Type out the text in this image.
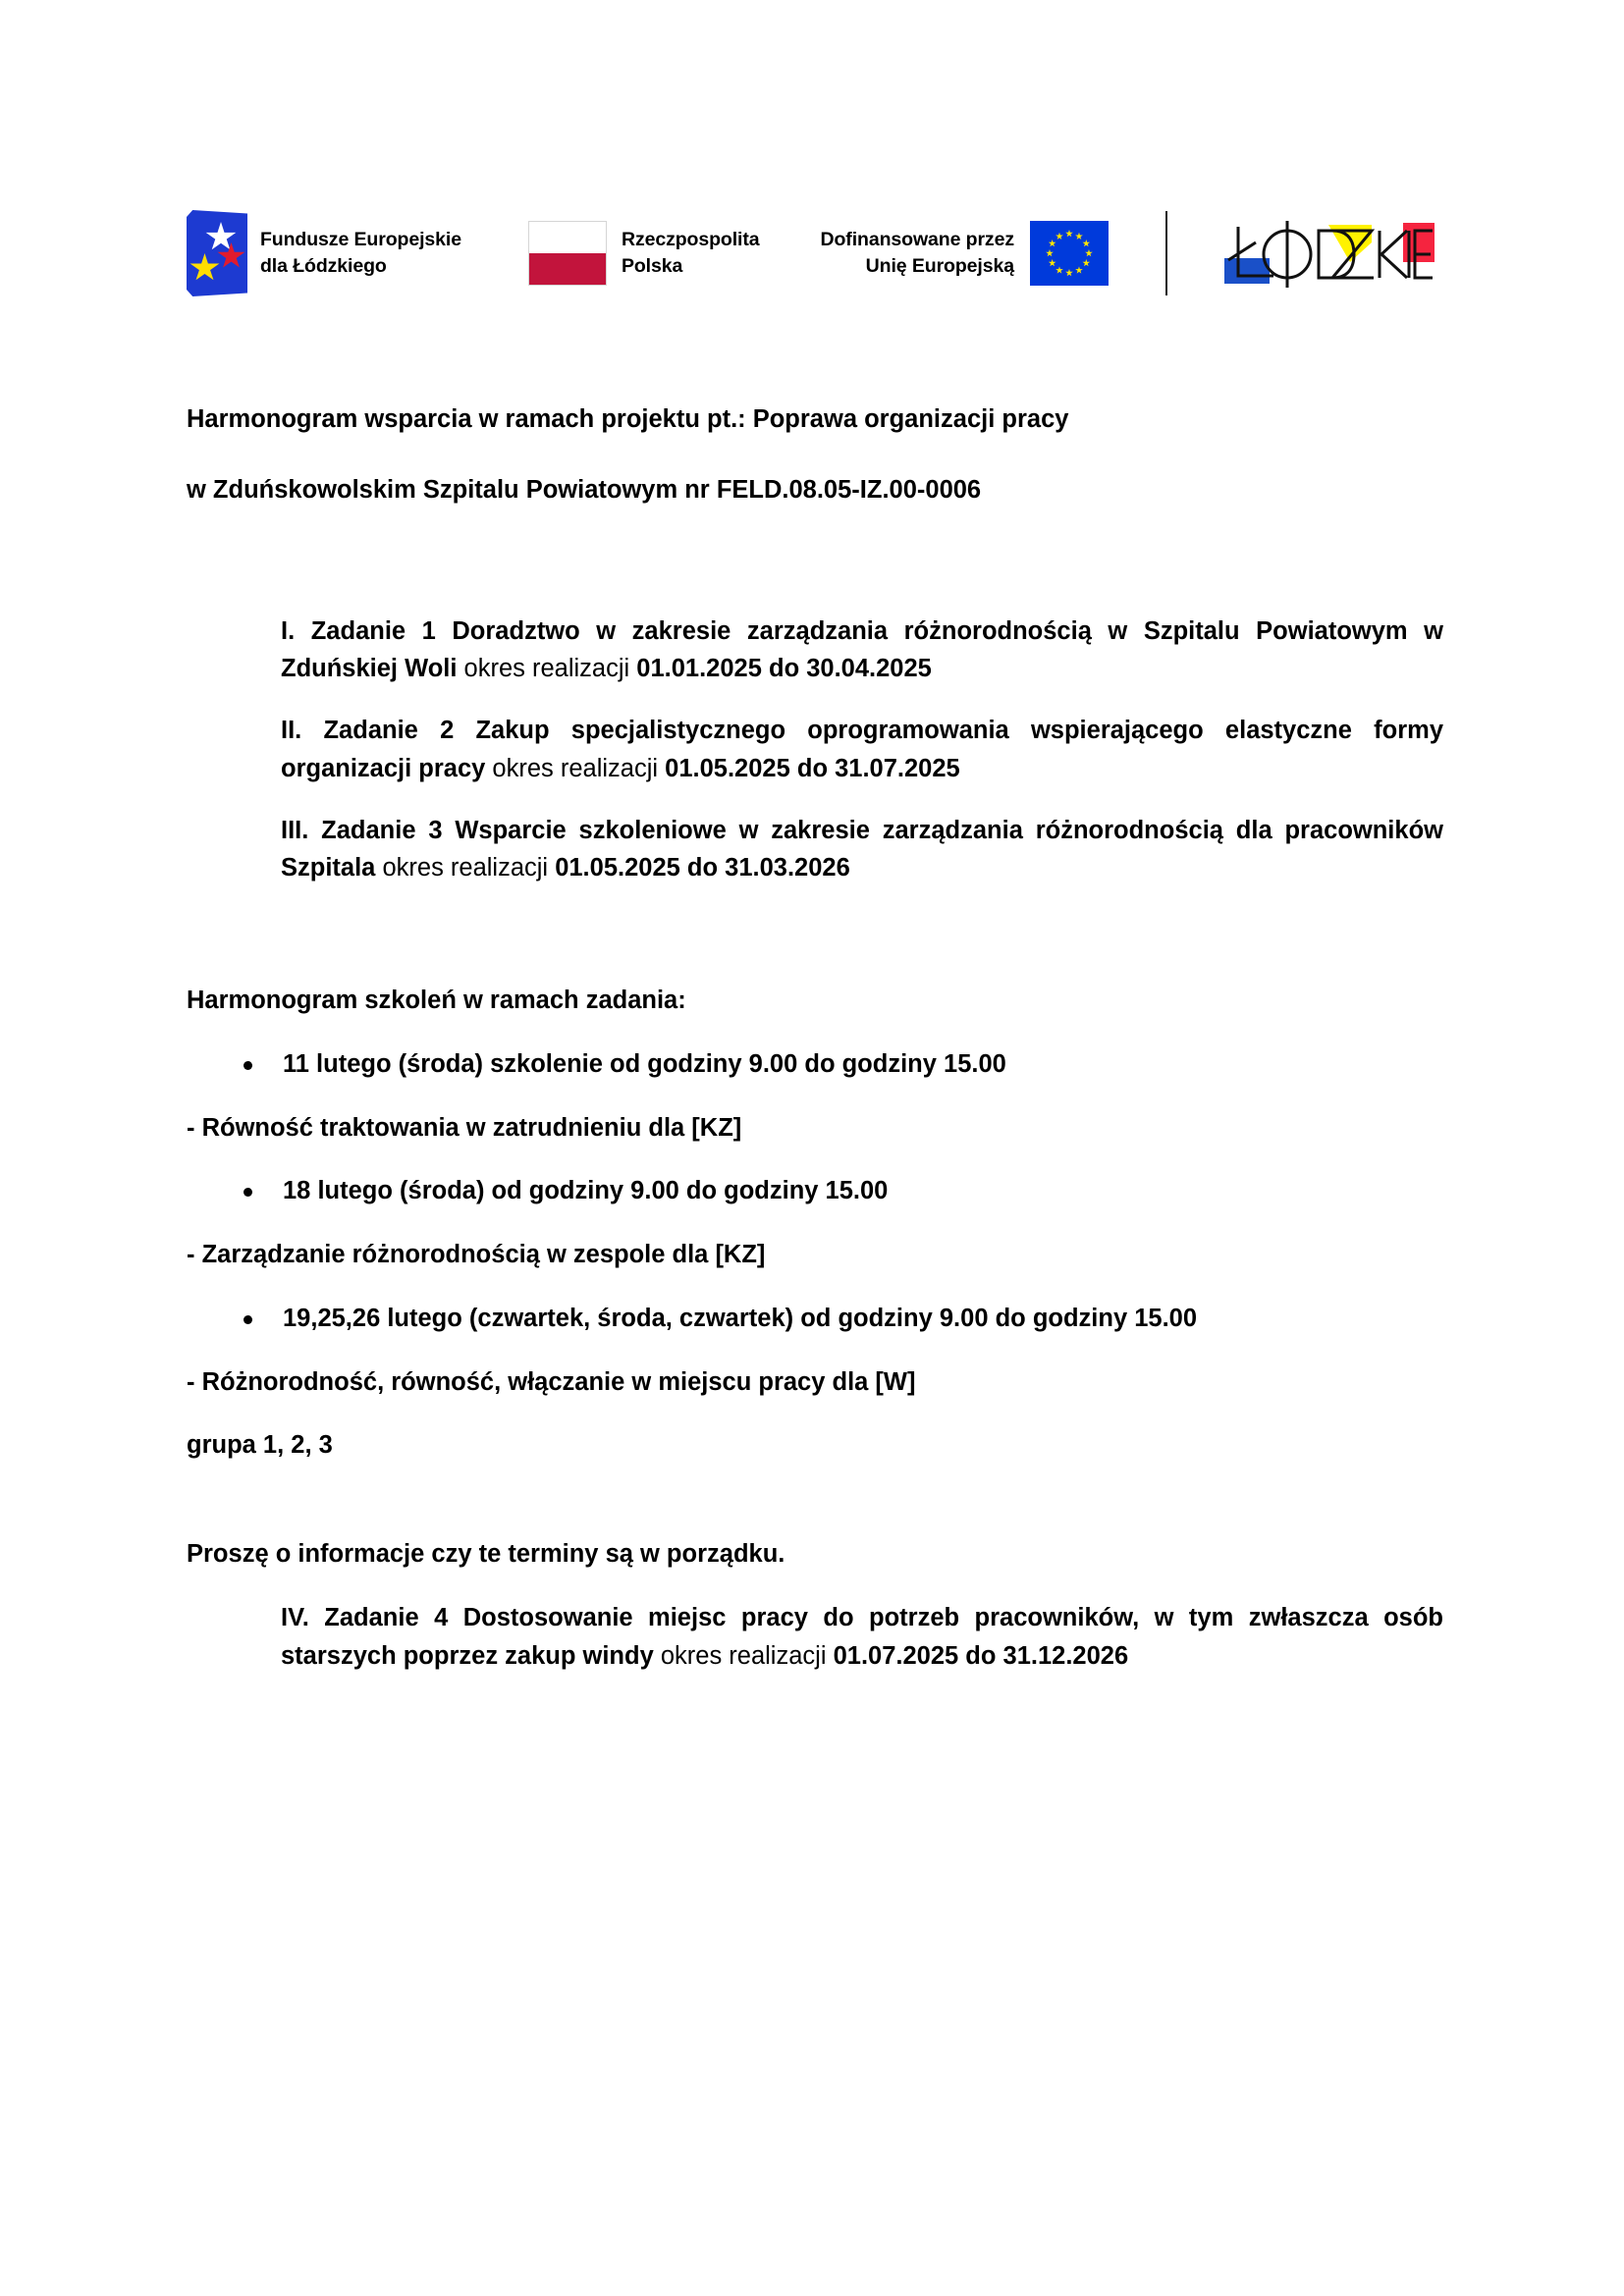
Fundusze Europejskie
dla Łódzkiego
Rzeczpospolita
Polska
Dofinansowane przez
Unię Europejską

Harmonogram wsparcia w ramach projektu pt.: Poprawa organizacji pracy

w Zduńskowolskim Szpitalu Powiatowym nr FELD.08.05-IZ.00-0006

I. Zadanie 1 Doradztwo w zakresie zarządzania różnorodnością w Szpitalu Powiatowym w Zduńskiej Woli okres realizacji 01.01.2025 do 30.04.2025

II. Zadanie 2 Zakup specjalistycznego oprogramowania wspierającego elastyczne formy organizacji pracy okres realizacji 01.05.2025 do 31.07.2025

III. Zadanie 3 Wsparcie szkoleniowe w zakresie zarządzania różnorodnością dla pracowników Szpitala okres realizacji 01.05.2025 do 31.03.2026

Harmonogram szkoleń w ramach zadania:

11 lutego (środa) szkolenie od godziny 9.00 do godziny 15.00

- Równość traktowania w zatrudnieniu dla [KZ]

18 lutego (środa) od godziny 9.00 do godziny 15.00

- Zarządzanie różnorodnością w zespole dla [KZ]

19,25,26 lutego (czwartek, środa, czwartek) od godziny 9.00 do godziny 15.00

- Różnorodność, równość, włączanie w miejscu pracy dla [W]

grupa 1, 2, 3

Proszę o informacje czy te terminy są w porządku.

IV. Zadanie 4 Dostosowanie miejsc pracy do potrzeb pracowników, w tym zwłaszcza osób starszych poprzez zakup windy okres realizacji 01.07.2025 do 31.12.2026
